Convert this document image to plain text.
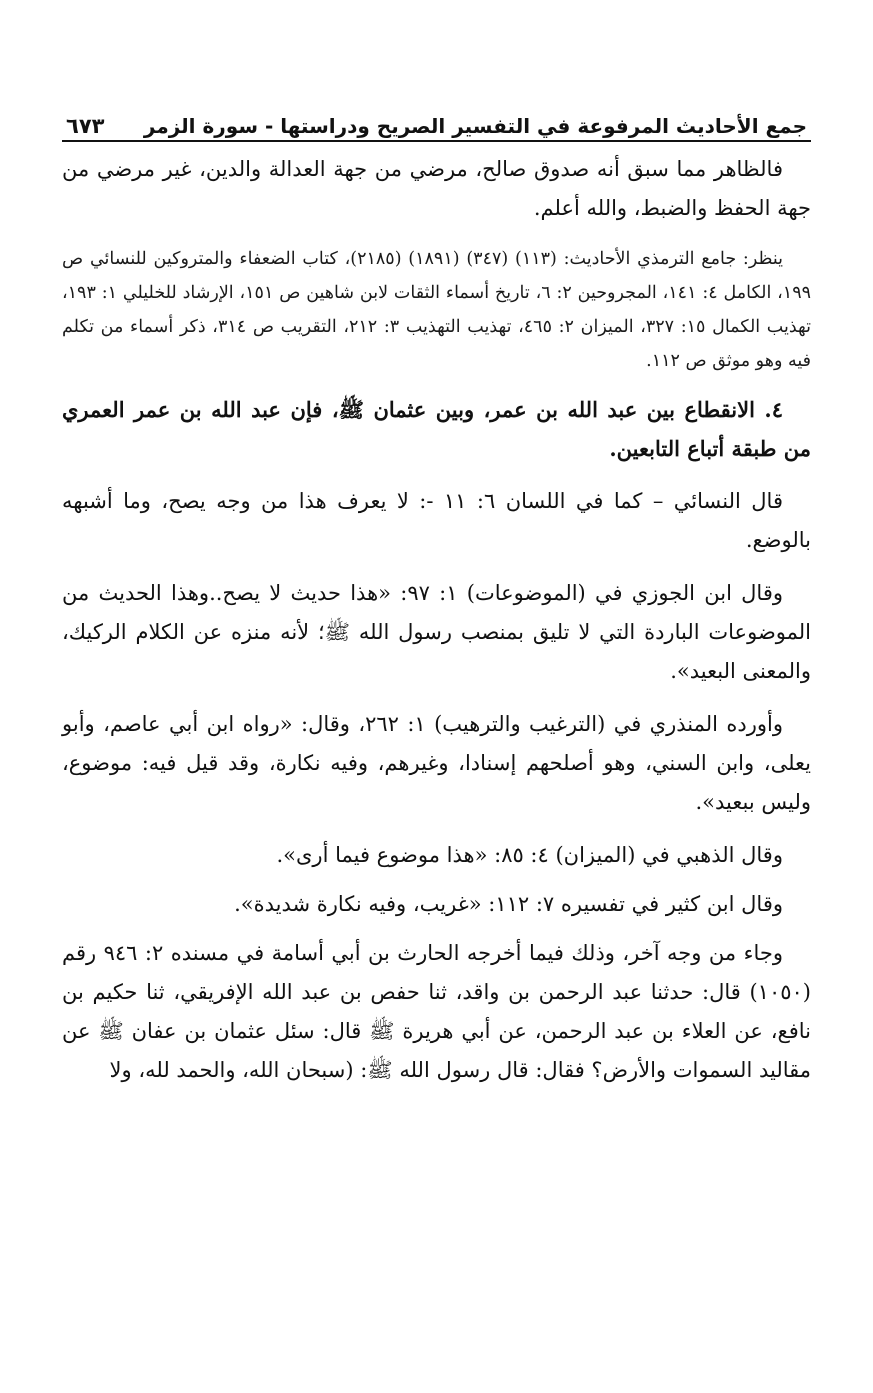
جمع الأحاديث المرفوعة في التفسير الصريح ودراستها - سورة الزمر
٦٧٣

فالظاهر مما سبق أنه صدوق صالح، مرضي من جهة العدالة والدين، غير مرضي من جهة الحفظ والضبط، والله أعلم.

ينظر: جامع الترمذي الأحاديث: (١١٣) (٣٤٧) (١٨٩١) (٢١٨٥)، كتاب الضعفاء والمتروكين للنسائي ص ١٩٩، الكامل ٤: ١٤١، المجروحين ٢: ٦، تاريخ أسماء الثقات لابن شاهين ص ١٥١، الإرشاد للخليلي ١: ١٩٣، تهذيب الكمال ١٥: ٣٢٧، الميزان ٢: ٤٦٥، تهذيب التهذيب ٣: ٢١٢، التقريب ص ٣١٤، ذكر أسماء من تكلم فيه وهو موثق ص ١١٢.

٤. الانقطاع بين عبد الله بن عمر، وبين عثمان ﷺ، فإن عبد الله بن عمر العمري من طبقة أتباع التابعين.

قال النسائي – كما في اللسان ٦: ١١ -: لا يعرف هذا من وجه يصح، وما أشبهه بالوضع.

وقال ابن الجوزي في (الموضوعات) ١: ٩٧: «هذا حديث لا يصح..وهذا الحديث من الموضوعات الباردة التي لا تليق بمنصب رسول الله ﷺ؛ لأنه منزه عن الكلام الركيك، والمعنى البعيد».

وأورده المنذري في (الترغيب والترهيب) ١: ٢٦٢، وقال: «رواه ابن أبي عاصم، وأبو يعلى، وابن السني، وهو أصلحهم إسنادا، وغيرهم، وفيه نكارة، وقد قيل فيه: موضوع، وليس ببعيد».

وقال الذهبي في (الميزان) ٤: ٨٥: «هذا موضوع فيما أرى».

وقال ابن كثير في تفسيره ٧: ١١٢: «غريب، وفيه نكارة شديدة».

وجاء من وجه آخر، وذلك فيما أخرجه الحارث بن أبي أسامة في مسنده ٢: ٩٤٦ رقم (١٠٥٠) قال: حدثنا عبد الرحمن بن واقد، ثنا حفص بن عبد الله الإفريقي، ثنا حكيم بن نافع، عن العلاء بن عبد الرحمن، عن أبي هريرة ﷺ قال: سئل عثمان بن عفان ﷺ عن مقاليد السموات والأرض؟ فقال: قال رسول الله ﷺ: (سبحان الله، والحمد لله، ولا
